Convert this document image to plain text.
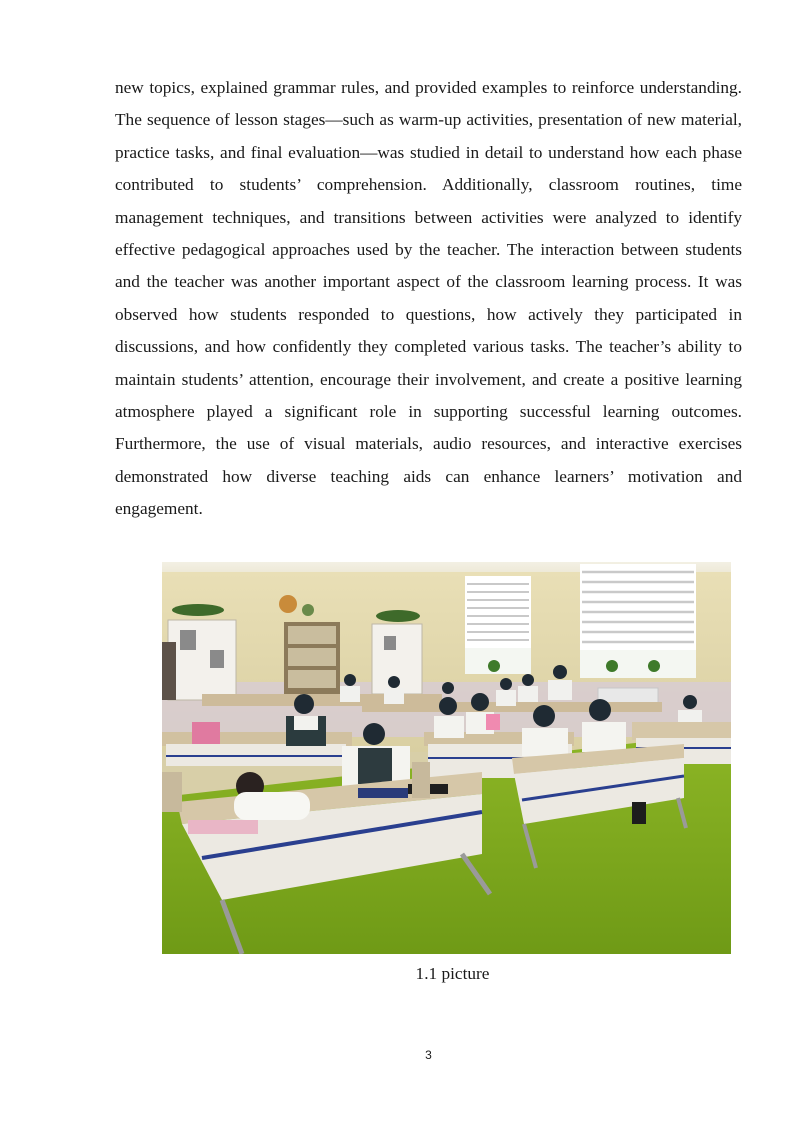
new topics, explained grammar rules, and provided examples to reinforce understanding. The sequence of lesson stages—such as warm-up activities, presentation of new material, practice tasks, and final evaluation—was studied in detail to understand how each phase contributed to students’ comprehension. Additionally, classroom routines, time management techniques, and transitions between activities were analyzed to identify effective pedagogical approaches used by the teacher. The interaction between students and the teacher was another important aspect of the classroom learning process. It was observed how students responded to questions, how actively they participated in discussions, and how confidently they completed various tasks. The teacher’s ability to maintain students’ attention, encourage their involvement, and create a positive learning atmosphere played a significant role in supporting successful learning outcomes. Furthermore, the use of visual materials, audio resources, and interactive exercises demonstrated how diverse teaching aids can enhance learners’ motivation and engagement.

1.1 picture
3
